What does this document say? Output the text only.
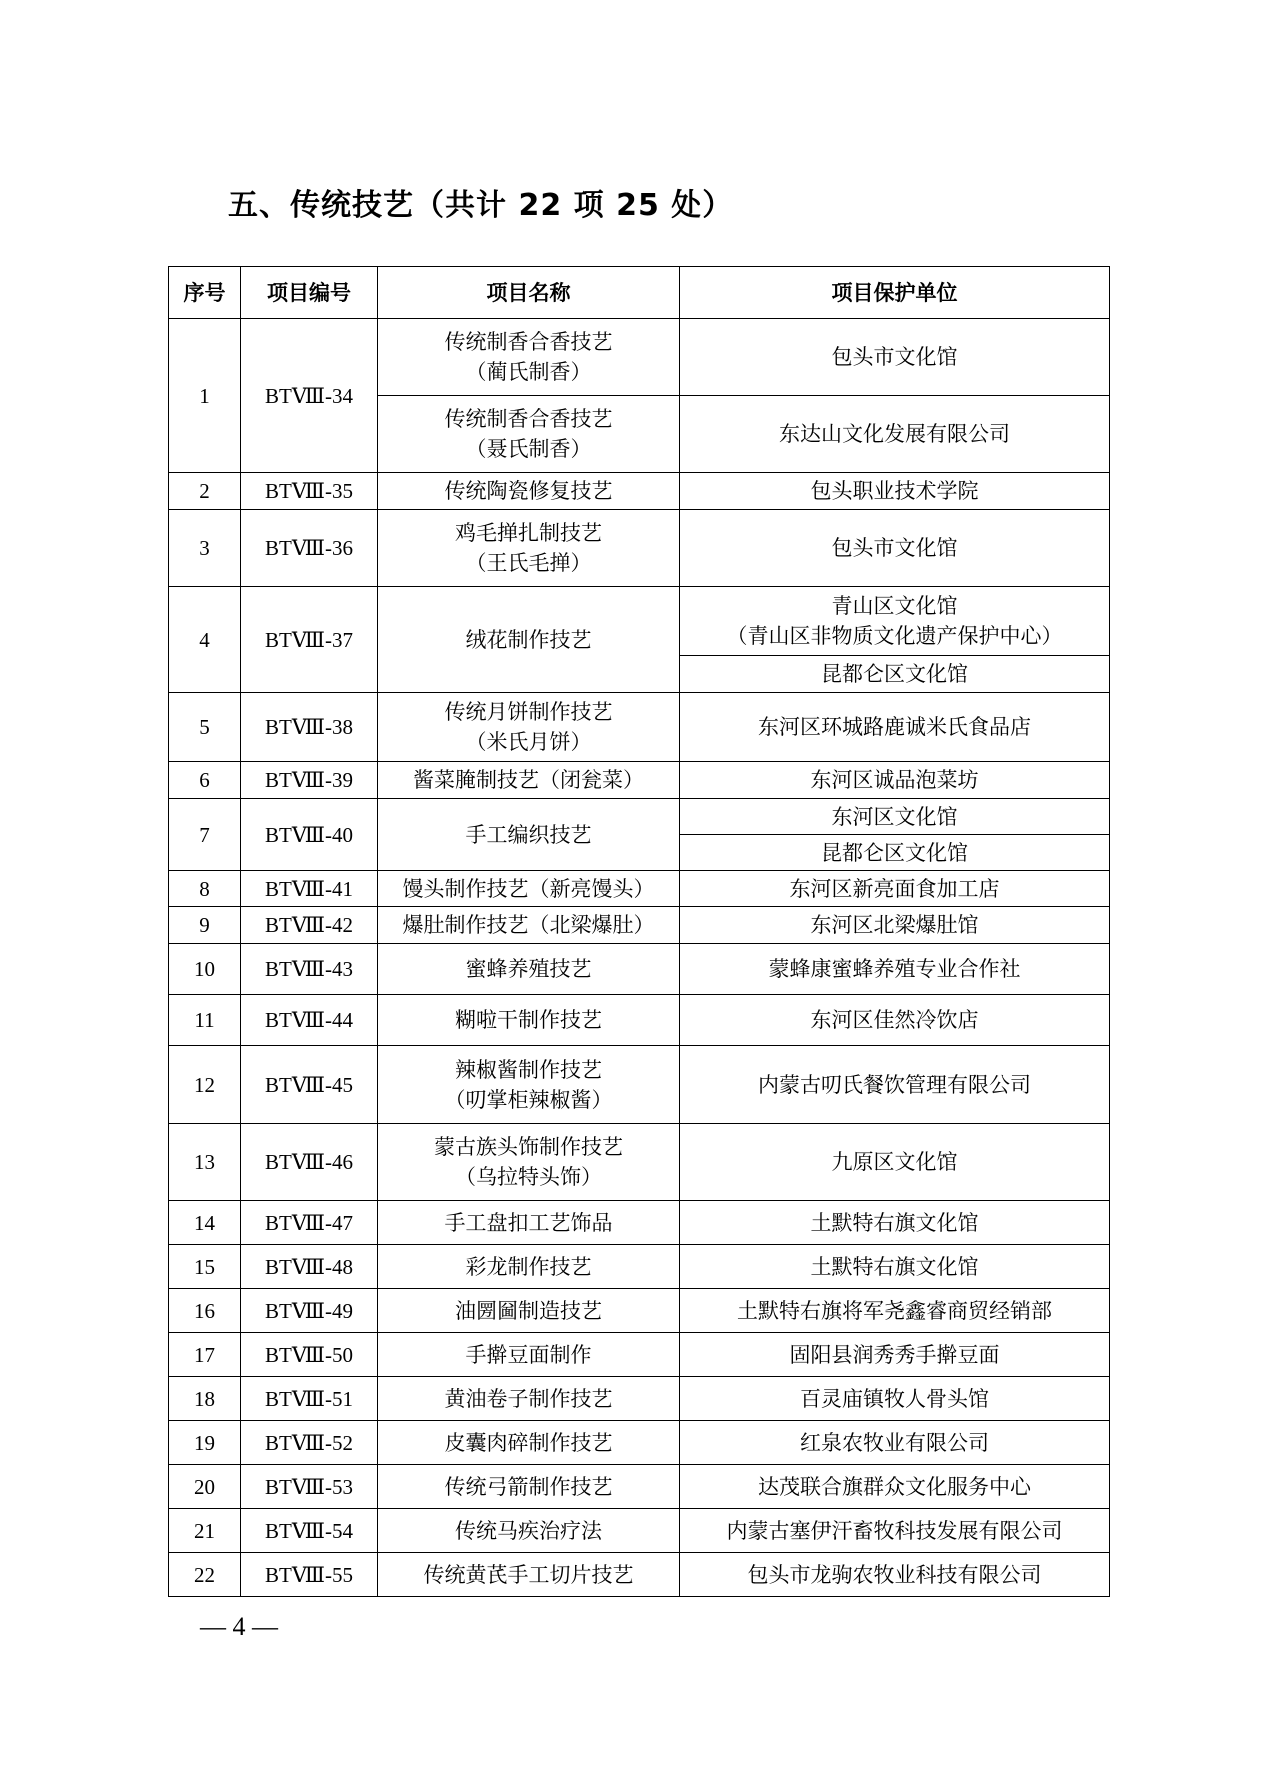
五、传统技艺（共计 22 项 25 处）
序号	项目编号	项目名称	项目保护单位
1	BTⅧ-34	传统制香合香技艺
（蔺氏制香）	包头市文化馆

		传统制香合香技艺
（聂氏制香）	东达山文化发展有限公司
2	BTⅧ-35	传统陶瓷修复技艺	包头职业技术学院
3	BTⅧ-36	鸡毛掸扎制技艺
（王氏毛掸）	包头市文化馆
4	BTⅧ-37	绒花制作技艺	青山区文化馆
（青山区非物质文化遗产保护中心）

			昆都仑区文化馆
5	BTⅧ-38	传统月饼制作技艺
（米氏月饼）	东河区环城路鹿诚米氏食品店
6	BTⅧ-39	酱菜腌制技艺（闭瓮菜）	东河区诚品泡菜坊
7	BTⅧ-40	手工编织技艺	东河区文化馆
			昆都仑区文化馆
8	BTⅧ-41	馒头制作技艺（新亮馒头）	东河区新亮面食加工店
9	BTⅧ-42	爆肚制作技艺（北梁爆肚）	东河区北梁爆肚馆
10	BTⅧ-43	蜜蜂养殖技艺	蒙蜂康蜜蜂养殖专业合作社
11	BTⅧ-44	糊啦干制作技艺	东河区佳然冷饮店
12	BTⅧ-45	辣椒酱制作技艺
（叨掌柜辣椒酱）	内蒙古叨氏餐饮管理有限公司
13	BTⅧ-46	蒙古族头饰制作技艺
（乌拉特头饰）	九原区文化馆
14	BTⅧ-47	手工盘扣工艺饰品	土默特右旗文化馆
15	BTⅧ-48	彩龙制作技艺	土默特右旗文化馆
16	BTⅧ-49	油圐圙制造技艺	土默特右旗将军尧鑫睿商贸经销部
17	BTⅧ-50	手擀豆面制作	固阳县润秀秀手擀豆面
18	BTⅧ-51	黄油卷子制作技艺	百灵庙镇牧人骨头馆
19	BTⅧ-52	皮囊肉碎制作技艺	红泉农牧业有限公司
20	BTⅧ-53	传统弓箭制作技艺	达茂联合旗群众文化服务中心
21	BTⅧ-54	传统马疾治疗法	内蒙古塞伊汗畜牧科技发展有限公司
22	BTⅧ-55	传统黄芪手工切片技艺	包头市龙驹农牧业科技有限公司
— 4 —
